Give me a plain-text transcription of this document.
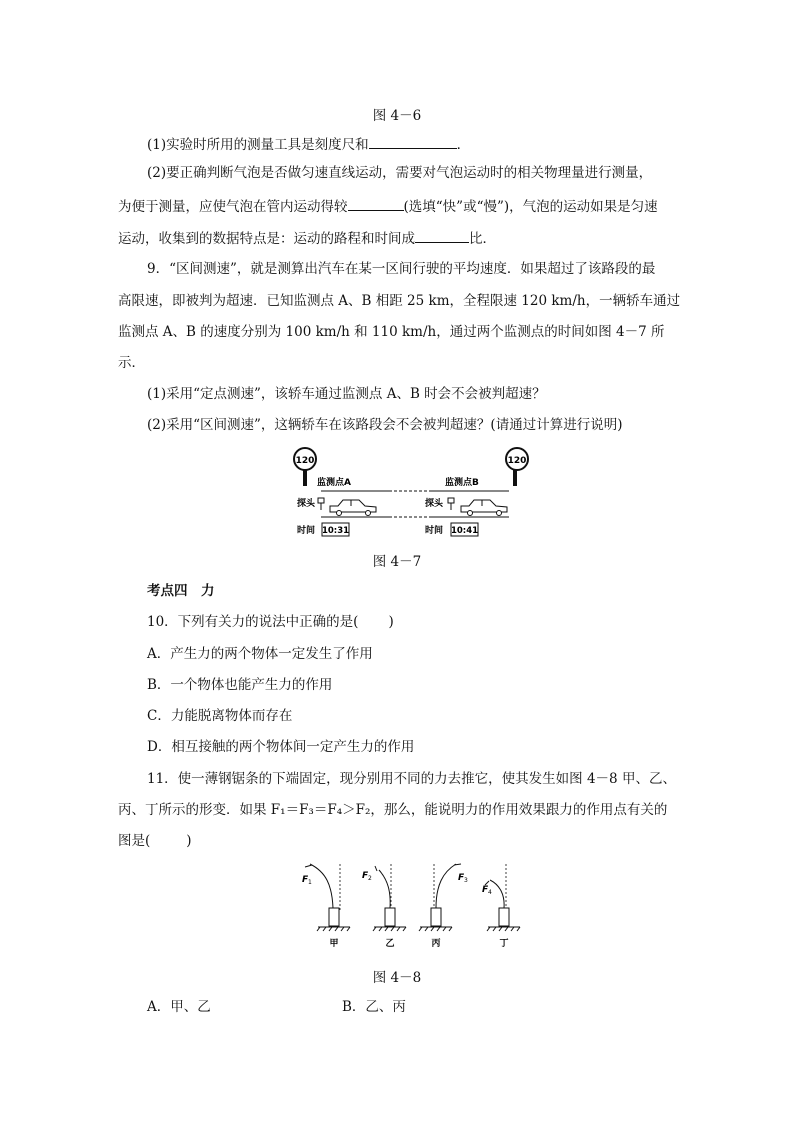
图 4－6
(1)实验时所用的测量工具是刻度尺和	．
(2)要正确判断气泡是否做匀速直线运动，需要对气泡运动时的相关物理量进行测量，
为便于测量，应使气泡在管内运动得较	(选填“快”或“慢”)，气泡的运动如果是匀速
运动，收集到的数据特点是：运动的路程和时间成	比．
9．“区间测速”，就是测算出汽车在某一区间行驶的平均速度．如果超过了该路段的最
高限速，即被判为超速．已知监测点 A、B 相距 25 km，全程限速 120 km/h，一辆轿车通过
监测点 A、B 的速度分别为 100 km/h 和 110 km/h，通过两个监测点的时间如图 4－7 所
示．
(1)采用“定点测速”，该轿车通过监测点 A、B 时会不会被判超速？
(2)采用“区间测速”，这辆轿车在该路段会不会被判超速？(请通过计算进行说明)
120	120
监测点A	监测点B
探头	探头
时间 10:31	时间 10:41
图 4－7
考点四　力
10．下列有关力的说法中正确的是( )
A．产生力的两个物体一定发生了作用
B．一个物体也能产生力的作用
C．力能脱离物体而存在
D．相互接触的两个物体间一定产生力的作用
11．使一薄钢锯条的下端固定，现分别用不同的力去推它，使其发生如图 4－8 甲、乙、
丙、丁所示的形变．如果 F₁＝F₃＝F₄＞F₂，那么，能说明力的作用效果跟力的作用点有关的
图是(	)
F 1
甲
F 2
乙
F 3
丙
F 4
丁
图 4－8
A．甲、乙	B．乙、丙
